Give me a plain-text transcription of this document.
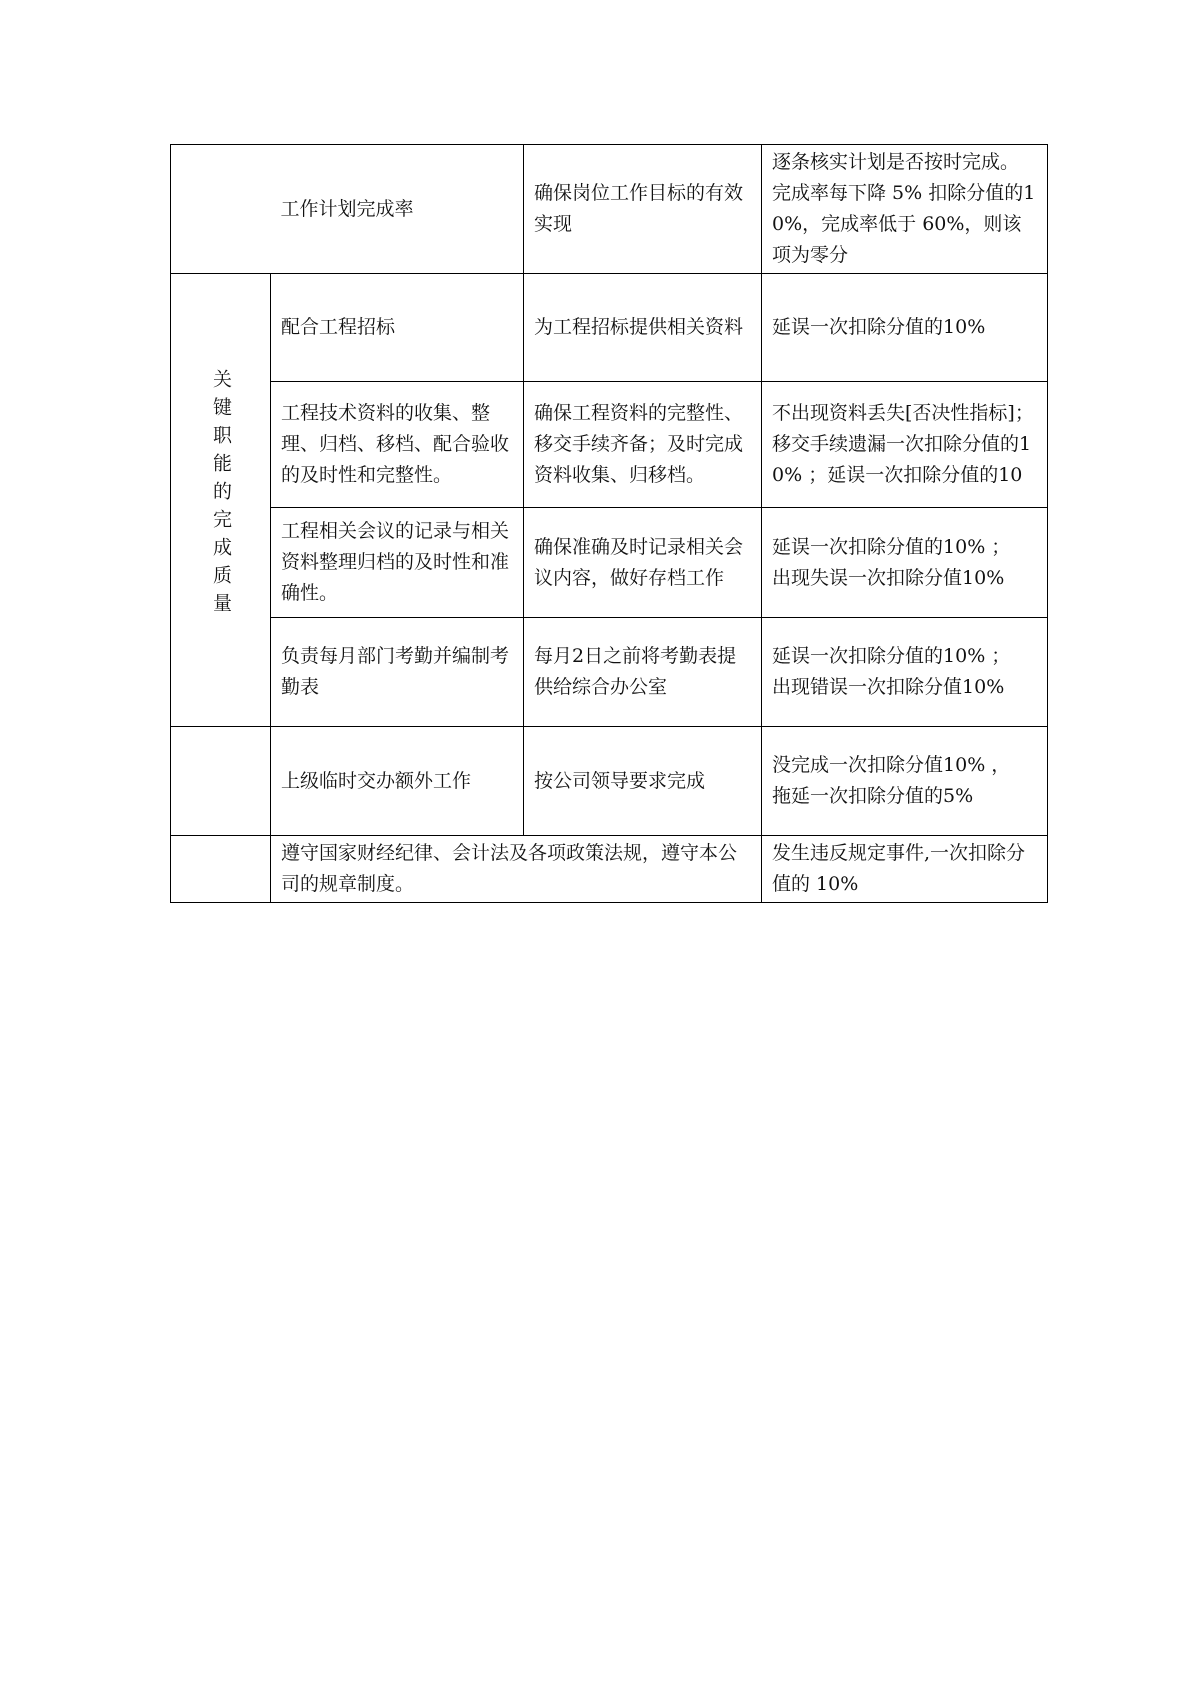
工作计划完成率		确保岗位工作目标的有效实现	逐条核实计划是否按时完成。完成率每下降 5% 扣除分值的10%，完成率低于 60%，则该项为零分
关键职能的完成质量	配合工程招标	为工程招标提供相关资料	延误一次扣除分值的10%
	工程技术资料的收集、整理、归档、移档、配合验收的及时性和完整性。	确保工程资料的完整性、移交手续齐备；及时完成资料收集、归移档。	不出现资料丢失[否决性指标]；移交手续遗漏一次扣除分值的10% ；延误一次扣除分值的10
	工程相关会议的记录与相关资料整理归档的及时性和准确性。	确保准确及时记录相关会议内容，做好存档工作	延误一次扣除分值的10% ；
出现失误一次扣除分值10%
	负责每月部门考勤并编制考勤表	每月2日之前将考勤表提供给综合办公室	延误一次扣除分值的10% ；
出现错误一次扣除分值10%
	上级临时交办额外工作	按公司领导要求完成	没完成一次扣除分值10% ，
拖延一次扣除分值的5%
	遵守国家财经纪律、会计法及各项政策法规，遵守本公司的规章制度。		发生违反规定事件,一次扣除分值的 10%
